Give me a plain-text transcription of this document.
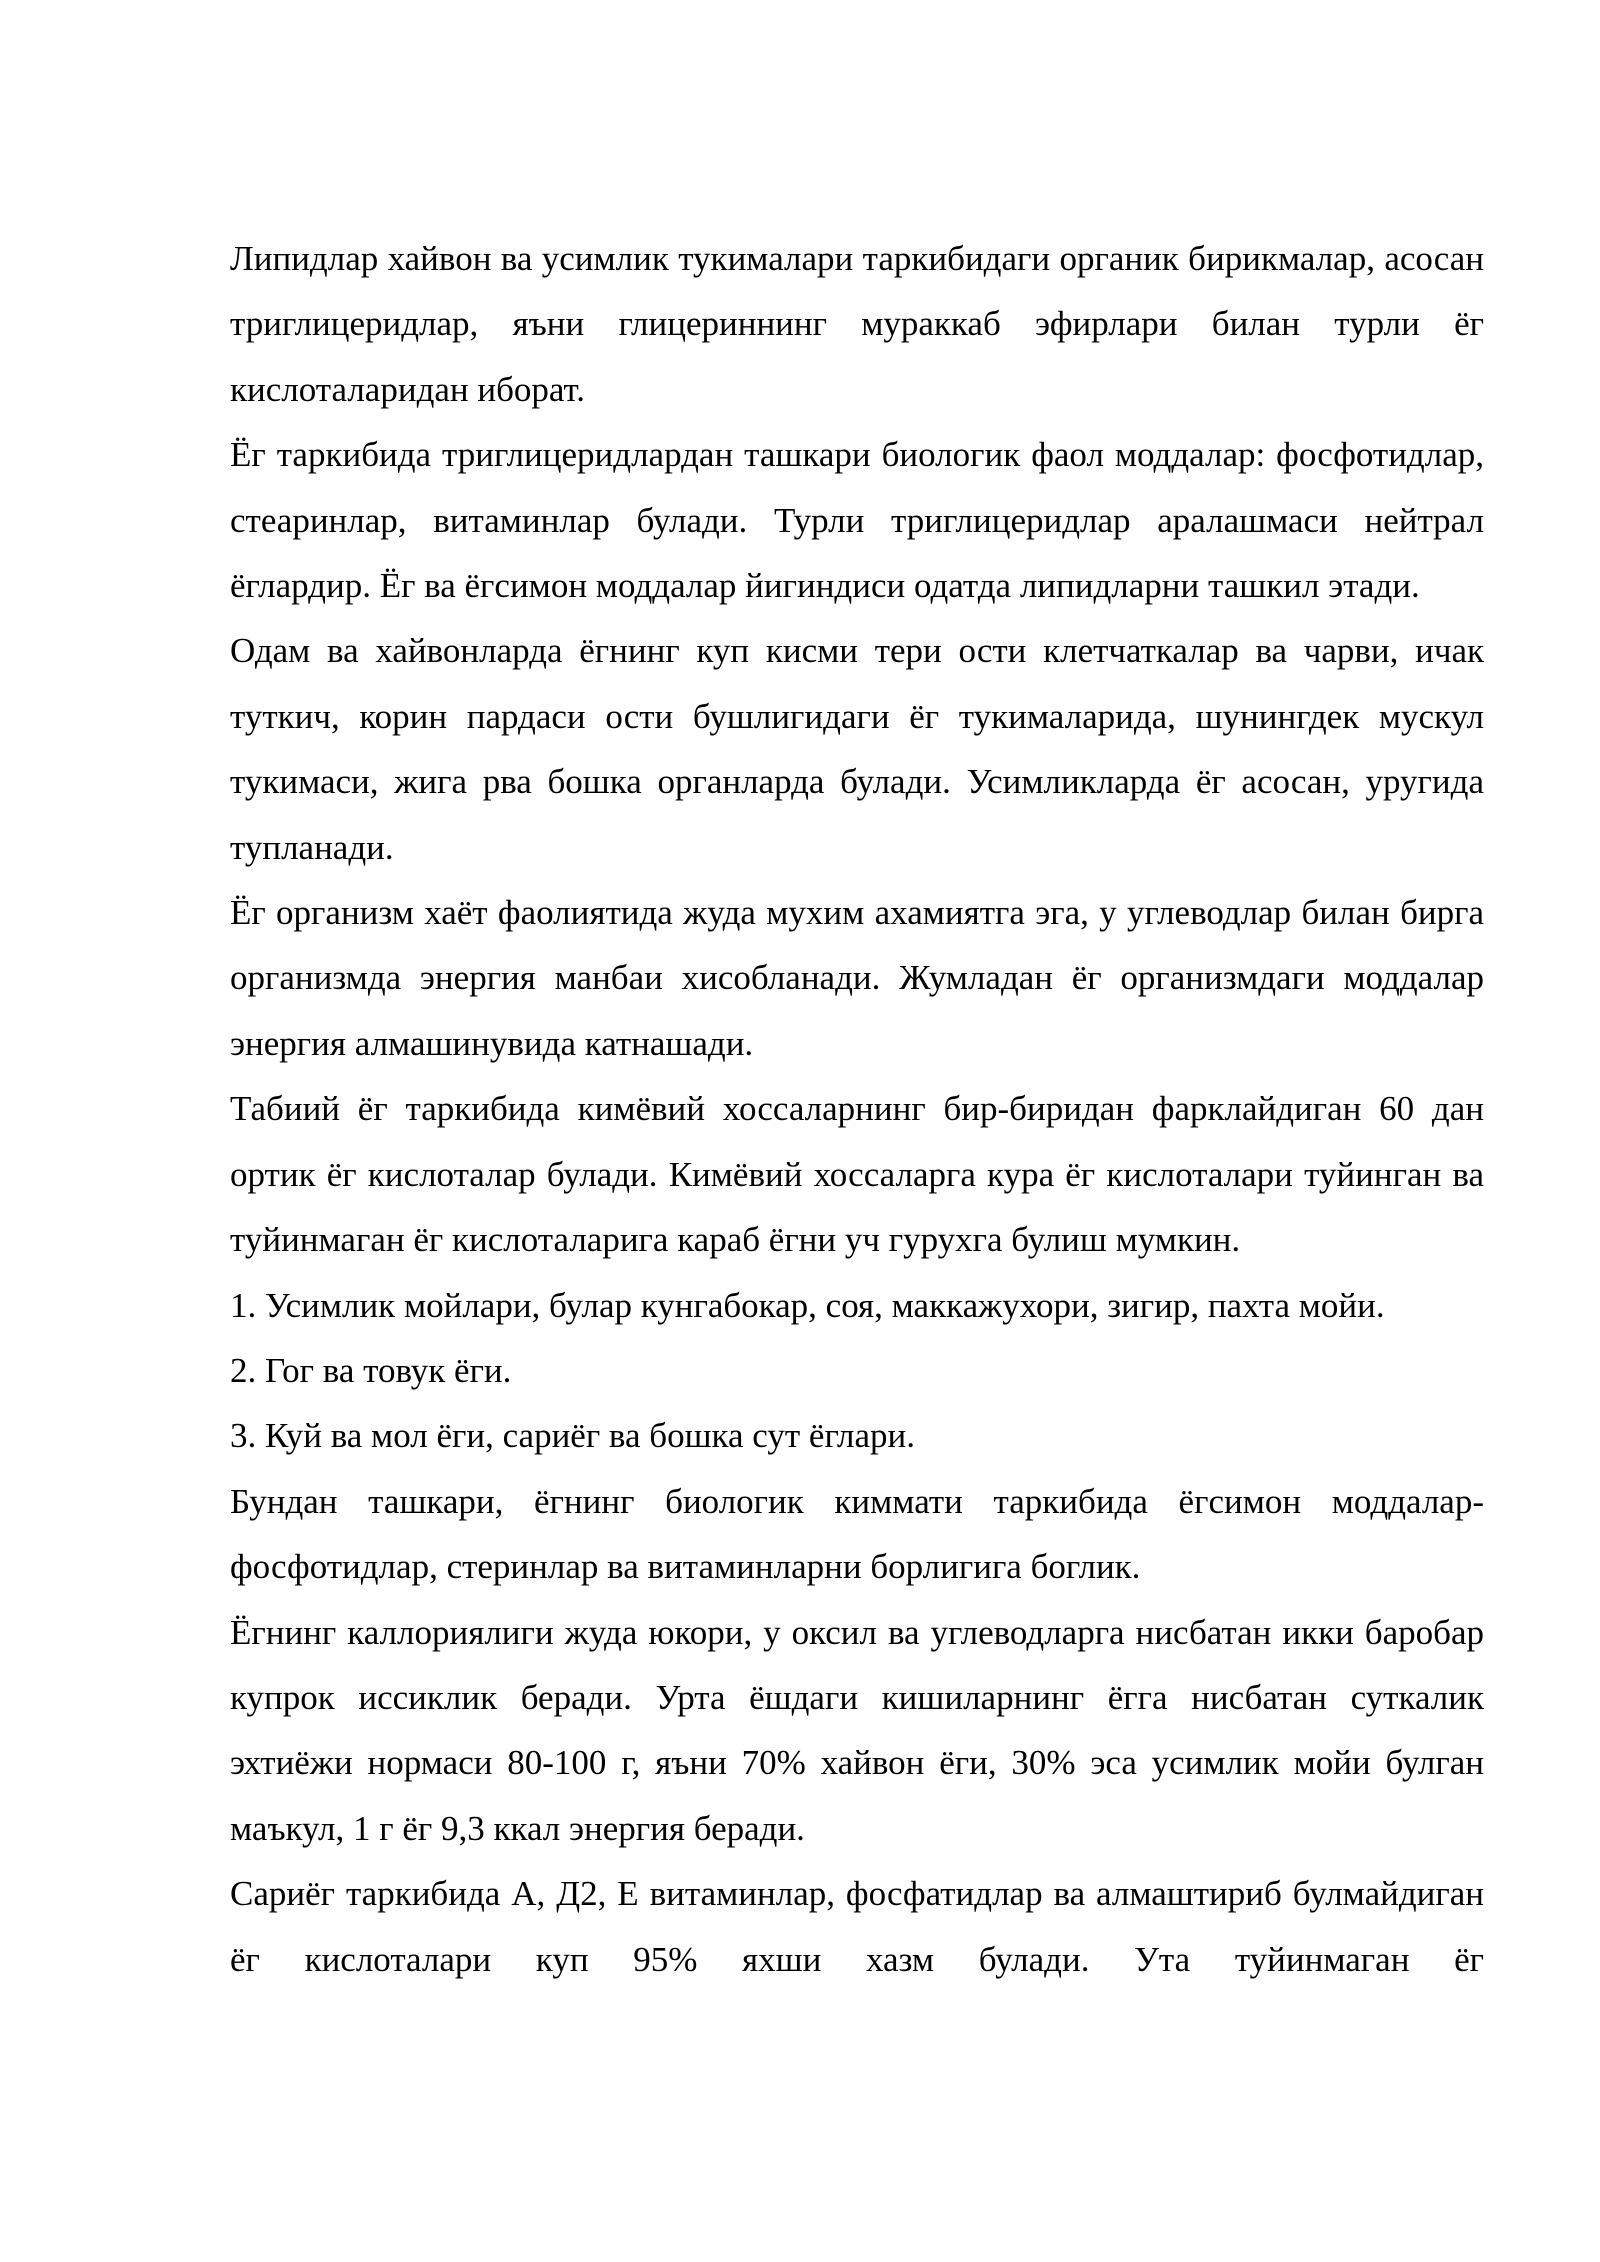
Липидлар хайвон ва усимлик тукималари таркибидаги органик бирикмалар, асосан триглицеридлар, яъни глицериннинг мураккаб эфирлари билан турли ёг кислоталаридан иборат.

Ёг таркибида триглицеридлардан ташкари биологик фаол моддалар: фосфотидлар, стеаринлар, витаминлар булади. Турли триглицеридлар аралашмаси нейтрал ёглардир. Ёг ва ёгсимон моддалар йигиндиси одатда липидларни ташкил этади.

Одам ва хайвонларда ёгнинг куп кисми тери ости клетчаткалар ва чарви, ичак туткич, корин пардаси ости бушлигидаги ёг тукималарида, шунингдек мускул тукимаси, жига рва бошка органларда булади. Усимликларда ёг асосан, уругида тупланади.

Ёг организм хаёт фаолиятида жуда мухим ахамиятга эга, у углеводлар билан бирга организмда энергия манбаи хисобланади. Жумладан ёг организмдаги моддалар энергия алмашинувида катнашади.

Табиий ёг таркибида кимёвий хоссаларнинг бир-биридан фарклайдиган 60 дан ортик ёг кислоталар булади. Кимёвий хоссаларга кура ёг кислоталари туйинган ва туйинмаган ёг кислоталарига караб ёгни уч гурухга булиш мумкин.

1. Усимлик мойлари, булар кунгабокар, соя, маккажухори, зигир, пахта мойи.

2. Гог ва товук ёги.

3. Куй ва мол ёги, сариёг ва бошка сут ёглари.

Бундан ташкари, ёгнинг биологик киммати таркибида ёгсимон моддалар-фосфотидлар, стеринлар ва витаминларни борлигига боглик.

Ёгнинг каллориялиги жуда юкори, у оксил ва углеводларга нисбатан икки баробар купрок иссиклик беради. Урта ёшдаги кишиларнинг ёгга нисбатан суткалик эхтиёжи нормаси 80-100 г, яъни 70% хайвон ёги, 30% эса усимлик мойи булган маъкул, 1 г ёг 9,3 ккал энергия беради.

Сариёг таркибида А, Д2, Е витаминлар, фосфатидлар ва алмаштириб булмайдиган ёг кислоталари куп 95% яхши хазм булади. Ута туйинмаган ёг
